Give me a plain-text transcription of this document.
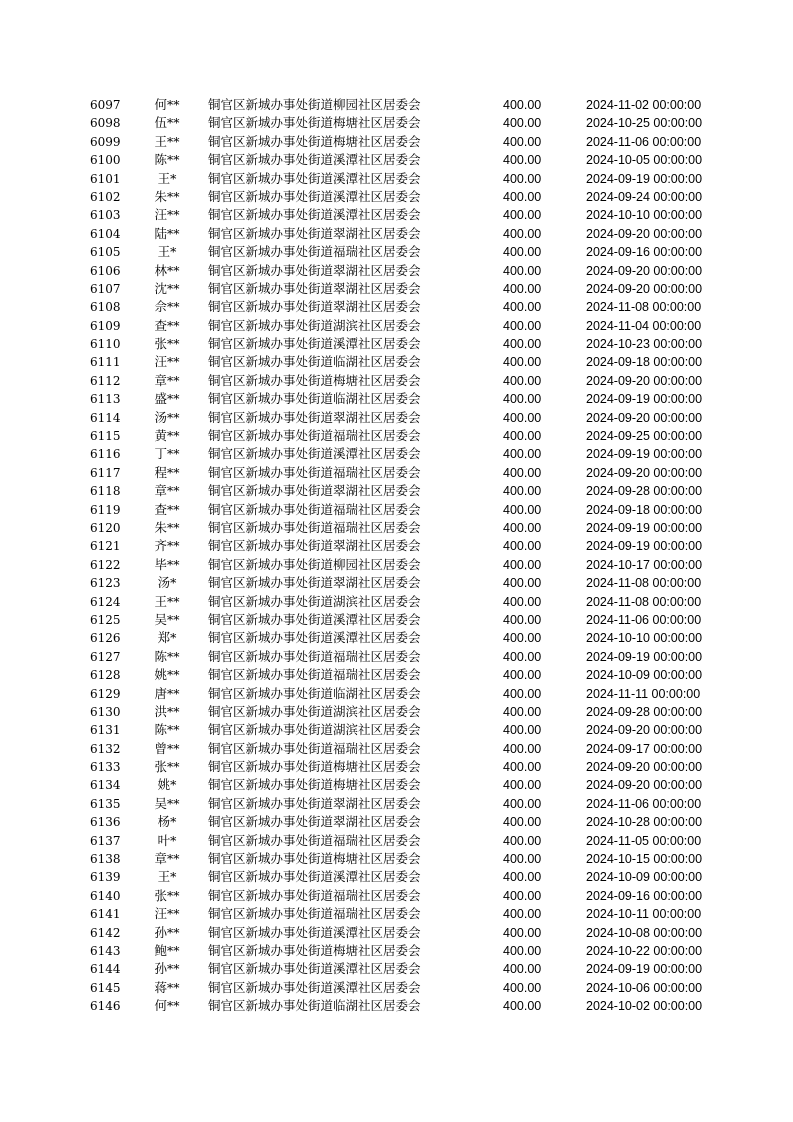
6097	何**	铜官区新城办事处街道柳园社区居委会	400.00	2024-11-02 00:00:00
6098	伍**	铜官区新城办事处街道梅塘社区居委会	400.00	2024-10-25 00:00:00
6099	王**	铜官区新城办事处街道梅塘社区居委会	400.00	2024-11-06 00:00:00
6100	陈**	铜官区新城办事处街道溪潭社区居委会	400.00	2024-10-05 00:00:00
6101	王*	铜官区新城办事处街道溪潭社区居委会	400.00	2024-09-19 00:00:00
6102	朱**	铜官区新城办事处街道溪潭社区居委会	400.00	2024-09-24 00:00:00
6103	汪**	铜官区新城办事处街道溪潭社区居委会	400.00	2024-10-10 00:00:00
6104	陆**	铜官区新城办事处街道翠湖社区居委会	400.00	2024-09-20 00:00:00
6105	王*	铜官区新城办事处街道福瑞社区居委会	400.00	2024-09-16 00:00:00
6106	林**	铜官区新城办事处街道翠湖社区居委会	400.00	2024-09-20 00:00:00
6107	沈**	铜官区新城办事处街道翠湖社区居委会	400.00	2024-09-20 00:00:00
6108	佘**	铜官区新城办事处街道翠湖社区居委会	400.00	2024-11-08 00:00:00
6109	查**	铜官区新城办事处街道湖滨社区居委会	400.00	2024-11-04 00:00:00
6110	张**	铜官区新城办事处街道溪潭社区居委会	400.00	2024-10-23 00:00:00
6111	汪**	铜官区新城办事处街道临湖社区居委会	400.00	2024-09-18 00:00:00
6112	章**	铜官区新城办事处街道梅塘社区居委会	400.00	2024-09-20 00:00:00
6113	盛**	铜官区新城办事处街道临湖社区居委会	400.00	2024-09-19 00:00:00
6114	汤**	铜官区新城办事处街道翠湖社区居委会	400.00	2024-09-20 00:00:00
6115	黄**	铜官区新城办事处街道福瑞社区居委会	400.00	2024-09-25 00:00:00
6116	丁**	铜官区新城办事处街道溪潭社区居委会	400.00	2024-09-19 00:00:00
6117	程**	铜官区新城办事处街道福瑞社区居委会	400.00	2024-09-20 00:00:00
6118	章**	铜官区新城办事处街道翠湖社区居委会	400.00	2024-09-28 00:00:00
6119	查**	铜官区新城办事处街道福瑞社区居委会	400.00	2024-09-18 00:00:00
6120	朱**	铜官区新城办事处街道福瑞社区居委会	400.00	2024-09-19 00:00:00
6121	齐**	铜官区新城办事处街道翠湖社区居委会	400.00	2024-09-19 00:00:00
6122	毕**	铜官区新城办事处街道柳园社区居委会	400.00	2024-10-17 00:00:00
6123	汤*	铜官区新城办事处街道翠湖社区居委会	400.00	2024-11-08 00:00:00
6124	王**	铜官区新城办事处街道湖滨社区居委会	400.00	2024-11-08 00:00:00
6125	吴**	铜官区新城办事处街道溪潭社区居委会	400.00	2024-11-06 00:00:00
6126	郑*	铜官区新城办事处街道溪潭社区居委会	400.00	2024-10-10 00:00:00
6127	陈**	铜官区新城办事处街道福瑞社区居委会	400.00	2024-09-19 00:00:00
6128	姚**	铜官区新城办事处街道福瑞社区居委会	400.00	2024-10-09 00:00:00
6129	唐**	铜官区新城办事处街道临湖社区居委会	400.00	2024-11-11 00:00:00
6130	洪**	铜官区新城办事处街道湖滨社区居委会	400.00	2024-09-28 00:00:00
6131	陈**	铜官区新城办事处街道湖滨社区居委会	400.00	2024-09-20 00:00:00
6132	曾**	铜官区新城办事处街道福瑞社区居委会	400.00	2024-09-17 00:00:00
6133	张**	铜官区新城办事处街道梅塘社区居委会	400.00	2024-09-20 00:00:00
6134	姚*	铜官区新城办事处街道梅塘社区居委会	400.00	2024-09-20 00:00:00
6135	吴**	铜官区新城办事处街道翠湖社区居委会	400.00	2024-11-06 00:00:00
6136	杨*	铜官区新城办事处街道翠湖社区居委会	400.00	2024-10-28 00:00:00
6137	叶*	铜官区新城办事处街道福瑞社区居委会	400.00	2024-11-05 00:00:00
6138	章**	铜官区新城办事处街道梅塘社区居委会	400.00	2024-10-15 00:00:00
6139	王*	铜官区新城办事处街道溪潭社区居委会	400.00	2024-10-09 00:00:00
6140	张**	铜官区新城办事处街道福瑞社区居委会	400.00	2024-09-16 00:00:00
6141	汪**	铜官区新城办事处街道福瑞社区居委会	400.00	2024-10-11 00:00:00
6142	孙**	铜官区新城办事处街道溪潭社区居委会	400.00	2024-10-08 00:00:00
6143	鲍**	铜官区新城办事处街道梅塘社区居委会	400.00	2024-10-22 00:00:00
6144	孙**	铜官区新城办事处街道溪潭社区居委会	400.00	2024-09-19 00:00:00
6145	蒋**	铜官区新城办事处街道溪潭社区居委会	400.00	2024-10-06 00:00:00
6146	何**	铜官区新城办事处街道临湖社区居委会	400.00	2024-10-02 00:00:00
